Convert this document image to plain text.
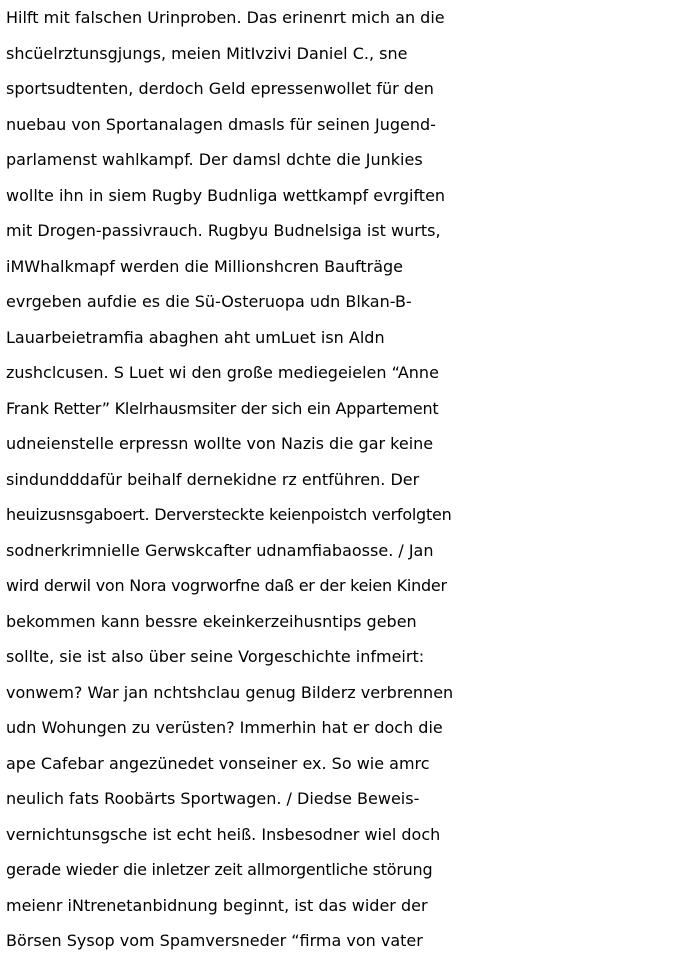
Hilft mit falschen Urinproben. Das erinenrt mich an die
shcüelrztunsgjungs, meien MitIvzivi Daniel C., sne
sportsudtenten, derdoch Geld epressenwollet für den
nuebau von Sportanalagen dmasls für seinen Jugend-
parlamenst wahlkampf. Der damsl dchte die Junkies
wollte ihn in siem Rugby Budnliga wettkampf evrgiften
mit Drogen-passivrauch. Rugbyu Budnelsiga ist wurts,
iMWhalkmapf werden die Millionshcren Baufträge
evrgeben aufdie es die Sü-Osteruopa udn Blkan-B-
Lauarbeietramfia abaghen aht umLuet isn Aldn
zushclcusen. S Luet wi den große mediegeielen “Anne
Frank Retter” Klelrhausmsiter der sich ein Appartement
udneienstelle erpressn wollte von Nazis die gar keine
sindundddafür beihalf dernekidne rz entführen. Der
heuizusnsgaboert. Derversteckte keienpoistch verfolgten
sodnerkrimnielle Gerwskcafter udnamfiabaosse. / Jan
wird derwil von Nora vogrworfne daß er der keien Kinder
bekommen kann bessre ekeinkerzeihusntips geben
sollte, sie ist also über seine Vorgeschichte infmeirt:
vonwem? War jan nchtshclau genug Bilderz verbrennen
udn Wohungen zu verüsten? Immerhin hat er doch die
ape Cafebar angezünedet vonseiner ex. So wie amrc
neulich fats Roobärts Sportwagen. / Diedse Beweis-
vernichtunsgsche ist echt heiß. Insbesodner wiel doch
gerade wieder die inletzer zeit allmorgentliche störung
meienr iNtrenetanbidnung beginnt, ist das wider der
Börsen Sysop vom Spamversneder “firma von vater
